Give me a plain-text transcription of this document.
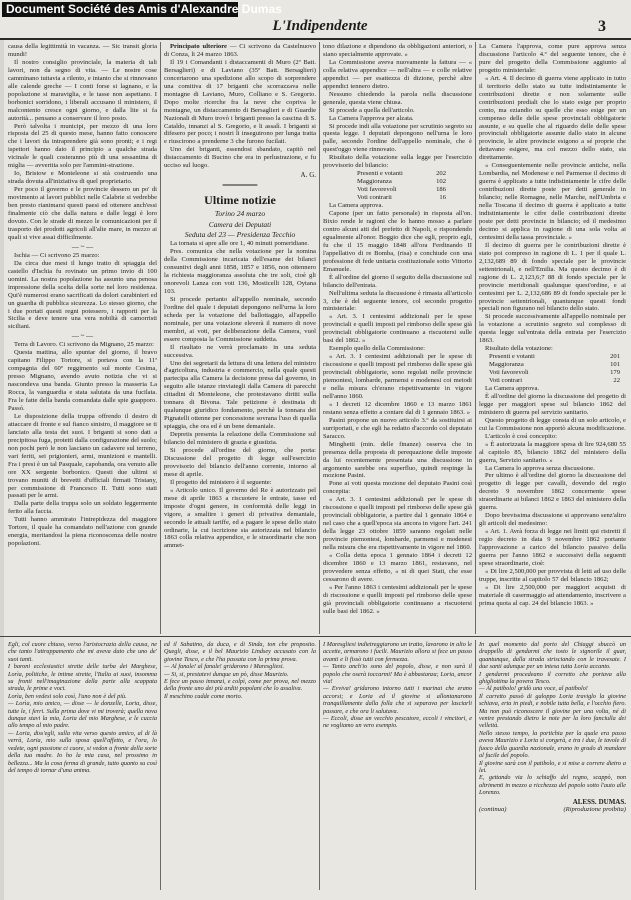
Document Société des Amis d'Alexandre Dumas
L'Indipendente	3

causa della legittimità in vacanza. — Sic transit gloria mundi!

Il nostro consiglio provinciale, la materia di tali lavori, non da segno di vita. — Le nostre cose camminano tuttavia a rilento, e intanto che si rinnovano alle calende greche — I conti forse si lagnano, e la popolazione si maraviglia, e le tasse non aspettano. I borbonici sorridono, i liberali accusano il ministero, il malcontento cresce ogni giorno, e dalla lite si fa autorità... pensano a conservare il loro posto.

Però talvolta i municipi, per mezzo di una loro risposta del 25 di questo mese, hanno fatto conoscere che i lavori da intraprendere già sono pronti; e i regi ispettori hanno dato il principio a qualche strada vicinale le quali costeranno più di una sessantina di miglia — avvertita solo per l'ammini-strazione.

Io, Bristow e Monteleone si stà costruendo una strada dovuta all'iniziativa di quel proprietario.

Per poco il governo e le provincie dessero un po' di movimento ai lavori pubblici nelle Calabrie si vedrebbe ben presto rianimarsi questi paesi ed ottenere anch'essi finalmente ciò che dalla natura e dalle leggi è loro dovuto. Con le strade di mezzo le comunicazioni per il trasporto dei prodotti agricoli all'alte mare, in mezzo ai quali si vive assai difficilmente.

— ~ —

Ischia — Ci scrivono 25 marzo:

Da circa due mesi il lungo tratto di spiaggia del castello d'Ischia fu rovinato un primo invio di 100 uomini. La nostra popolazione ha assunto una penosa impressione della scelta della sorte nel loro residenza. Qui'è numerosi erano sacrificati da dolori carabinieri ed un guardia di pubblica sicurezza. Lo stesso giorno, che i due portati questi regni potessero, i rapporti per la Sicilia e deve tenere una vera nobiltà di camorristi siciliani.

— ~ —

Terra di Lavoro. Ci scrivono da Mignano, 25 marzo:

Questa mattina, allo spuntar del giorno, il bravo capitano Filippo Tortore, si portava con la 11ª compagnia del 60º reggimento sul monte Cesima, presso Mignano, avendo avuto notizia che vi si nascondeva una banda. Giunto presso la masseria La Rocca, la vanguardia e stata salutata da una fucilata. Fra le fatte della banda comandata dalle spie guapporo. Passó.

Le disposizione della truppa offrendo il destro di attaccare di fronte e sul fianco sinistro, il maggiore se ti lanciato alla testa dei suoi. I briganti si sono dati a precipitosa fuga, protetti dalla configurazione del suolo; non pochi però le non lasciano un cadavere sul terreno, vari feriti, sei prigionieri, armi, munizioni e mantelli. Fra i presi è un tal Pasquale, capobanda, ora venuto alle ore XX sergente borbonico. Questi due ultimi si trovano muniti di brevetti d'ufficiali firmati Tristany, per commissione di Francesco II. Tutti sono stati passati per le armi.

Dalla parte della truppa solo un soldato leggermente ferito alla faccia.

Tutti hanno ammirato l'intrepidezza del maggiore Tortore, il quale ha comandato nell'azione con grande energia, meritandosi la piena riconoscenza delle nostre popolazioni.

Principato ulteriore — Ci scrivono da Castelnuovo di Conza, li 24 marzo 1863.

Il 19 i Comandanti i distaccamenti di Muro (2º Batt. Bersaglieri) e di Laviano (35º Batt. Bersaglieri) concertarono una spedizione allo scopo di sorprendere una comitiva di 17 briganti che scorrazzava nelle montagne di Laviano, Muro, Colliano e S. Gregorio. Dopo molte ricerche fra la neve che copriva le montagne, un distaccamento di Bersaglieri e di Guardie Nazionali di Muro trovò i briganti presso la cascina di S. Cataldo, innanzi al S. Gregorio, e li assalì. I briganti si difesero per poco; i nostri li inseguirono per lunga tratta e riuscirono a prenderne 3 che furono fucilati.

Uno dei briganti, essendosi sbandato, capitò nel distaccamento di Bucino che era in perlustrazione, e fu ucciso sul luogo.

A. G.

═══════
Ultime notizie
Torino 24 marzo
Camera dei Deputati
Seduta del 23 — Presidenza Tecchio

La tornata si apre alle ore 1, 40 minuti pomeridiane.

Pres. comunica che nella votazione per la nomina della Commissione incaricata dell'esame dei bilanci consuntivi degli anni 1858, 1857 e 1856, non ottennero la richiesta maggioranza assoluta che tre soli, cioè gli onorevoli Lanza con voti 136, Mosticelli 128, Oytana 103.

Si procede pertanto all'appello nominale, secondo l'ordine del quale i deputati depongono nell'urna la loro scheda per la votazione del ballottaggio, all'appello nominale, per una votazione eleverà il numero di nove membri, ai voti, per deliberazione della Camera, vuol essere composta la Commissione suddetta.

Il risultato ne verrà proclamato in una seduta successiva.

Uno dei segretarii da lettura di una lettera del ministro d'agricoltura, industria e commercio, nella quale questi partecipa alla Camera la decisione presa dal governo, in seguito alle istanze rinviategli dalla Camera di parecchi cittadini di Monteleone, che protestavano diritti sulla tonnara di Bivona. Tale petizione è destinata di qualunque giuridico fondamento, perchè la tonnara dei Pignatelli ottenne per concessione sovrana l'uso di quella spiaggia, che ora ed è un bene demaniale.

Depretis presenta la relazione della Commissione sul bilancio del ministero di grazia e giustizia.

Si procede all'ordine del giorno, che porta: Discussione del progetto di legge sull'esercizio provvisorio del bilancio dell'anno corrente, intorno al mese di aprile.

Il progetto del ministero è il seguente:

« Articolo unico. Il governo del Re è autorizzato pel mese di aprile 1863 a riscuotere le entrate, tasse ed imposte d'ogni genere, in conformità delle leggi in vigore, a smaltire i generi di privativa demaniale, secondo le attuali tariffe, ed a pagare le spese dello stato ordinarie, la cui iscrizione sia autorizzata nel bilancio 1863 colla relativa appendice, e le straordinarie che non ammet-

tono dilazione e dipendono da obbligazioni anteriori, o siano specialmente approvate. »

La Commissione aveva nuovamente la fattura — « colla relativa appendice — nell'altra — e colle relative appendici — per esattezza di dizione, perchè altre appendici tennero dietro.

Nessuno chiedendo la parola nella discussione generale, questa viene chiusa.

Si procede a quella dell'articolo.

La Camera l'approva per alzata.

Si procede indi alla votazione per scrutinio segreto su questa legge. I deputati depongono nell'urna le loro palle, secondo l'ordine dell'appello nominale, che è quest'oggo viene rinnovato.

Risultato della votazione sulla legge per l'esercizio provvisorio del bilancio:

Presenti e votanti	202
Maggioranza	102
Voti favorevoli	186
Voti contrarii	16

La Camera approva.

Capone (per un fatto personale) in risposta all'on. Bixio rende le ragioni che lo hanno mosso a parlare contro alcuni atti del prefetto di Napoli, e rispondendo egualmente all'onor. Boggio dice che egli, proprio egli, fu che il 15 maggio 1848 all'ora Ferdinando II l'appellativo di re Bomba, (risa) e conchiude con una professione di fede unitaria costituzionale sotto Vittorio Emanuele.

È all'ordine del giorno il seguito della discussione sul bilancio dell'entrata.

Nell'ultima seduta la discussione è rimasta all'articolo 3, che è del seguente tenore, col secondo progetto ministeriale:

« Art. 3. I centesimi addizionali per le spese provinciali e quelli imposti pel rimborso delle spese già provinciali obbligatorie continuano a riscuotersi sulle basi del 1862. »

Esemplo quello della Commissione:

« Art. 3. I centesimi addizionali per le spese di riscossione e quelli imposti pel rimborso delle spese già provinciali obbligatorie, sono regolati nelle provincie piemontesi, lombarde, parmensi e modenesi coi metodi e nella misura ch'erano rispettivamente in vigore nell'anno 1860.

« I decreti 12 dicembre 1860 e 13 marzo 1861 restano senza effetto a contare dal di 1 gennaio 1863. »

Pasini propone un nuovo articolo 3.º da sostituirsi ai surriportati, e che egli ha redatto d'accordo col deputato Saracco.

Minghetti (min. delle finanze) osserva che in presenza della proposta di perequazione delle imposte da lui recentemente presentata una discussione in argomento sarebbe ora superfluo, quindi respinge la mozione Pasini.

Pone ai voti questa mozione del deputato Pasini così concepita:

« Art. 3. I centesimi addizionali per le spese di riscossione e quelli imposti pel rimborso delle spese già provinciali obbligatorie, a partire dal 1 gennaio 1864 e nel caso che a quell'epoca sia ancora in vigore l'art. 241 della legge 23 ottobre 1859 saranno regolati nelle provincie piemontesi, lombarde, parmensi e modenesi nella misura che era rispettivamente in vigore nel 1860.

« Colla detta epoca 1 gennaio 1864 i decreti 12 dicembre 1860 e 13 marzo 1861, restavano, nel provvedere senza effetto, « ni di quei Stati, che esse cessarono di avere.

« Per l'anno 1863 i centesimi addizionali per le spese di riscossione e quelli imposti pel rimborso delle spese già provinciali obbligatorie continuano a riscuotersi sulle basi del 1862. »

La Camera l'approva, come pure approva senza discussione l'articolo 4.º del seguente tenore, che è pure del progetto della Commissione aggiunto al progetto ministeriale:

« Art. 4. Il decimo di guerra viene applicato in tutto il territorio dello stato su tutte indistintamente le contribuzioni dirette e non solamente sulle contribuzioni prediali che lo stato esige per proprio conto, ma eziandio su quelle che esso esige per un compenso delle delle spese provinciali obbligatorie assunte, e su quelle che al riguardo delle delle spese provinciali obbligatorie assunte dallo stato in alcune provincie, le altre provincie esigono a sé proprie che dettavano esigere, ma col mezzo dello stato, sia direttamente.

« Conseguentemente nelle provincie antiche, nella Lombardia, nel Modenese e nel Parmense il decimo di guerra è applicato a tutte indistintamente le cifre delle contribuzioni dirette poste per detti generale in bilancio; nelle Romagne, nelle Marche, nell'Umbria e nella Toscana il decimo di guerra è applicato a tutte indistintamente le cifre delle contribuzioni dirette poste per detti provincie in bilancio; ed il medesimo decimo si applica in ragione di una sola volta ai centesimi della tassa provinciale. »

Il decimo di guerra per le contribuzioni dirette è stato poi compreso in ragione di L. 1 per il quale L. 2,132,689 89 di fondo speciale per le provincie settentrionali, e nell'Emilia. Ma questo decimo è di ragione di L. 2,123,6;7 88 di fondo speciale per le provincie meridionali qualunque quest'ordine, e ai centesimi per L. 2,132,686 89 di fondo speciale per le provincie settentrionali, quantunque questi fondi speciali non figurano nel bilancio dello stato.

Si procede successivamente all'appello nominale per la votazione a scrutinio segreto sul complesso di questa legge sul'entrata della entrata per l'esercizio 1863.

Risultato della votazione:

Presenti e votanti	201
Maggioranza	101
Voti favorevoli	179
Voti contrari	22

La Camera approva.

È all'ordine del giorno la discussione del progetto di legge per maggiori spese sul bilancio 1862 del ministero di guerra pel servizio sanitario.

Questo progetto di legge consta di un solo articolo, e cui la Commissione non apportò alcuna modificazione.

L'articolo è così concepito:

« È autorizzata la maggiore spesa di lire 924,680 55 al capitolo 85, bilancio 1862 del ministero della guerra, Servizio sanitario. »

La Camera lo approva senza discussione.

Per ultimo è all'ordine del giorno la discussione del progetto di legge per cavalli, dovendo del regio decreto 9 novembre 1862 concernente spese straordinarie ai bilanci 1862 e 1863 del ministero della guerra.

Dopo brevissima discussione si approvano senz'altro gli articoli del medesimo:

« Art. 1. Avrà forza di legge nei limiti qui ristretti il regio decreto in data 9 novembre 1862 portante l'approvazione a carico del bilancio passivo della guerra per l'anno 1862 e successivi della seguenti spese straordinarie, cioè:

« Di lire 2,500,000 per provvista di letti ad uso delle truppe, inscritte al capitolo 57 del bilancio 1862;

« Di lire 2,500,000 per maggiori acquisti di materiale di casermaggio ad attendamento, inscrivere a prima quota al cap. 24 del bilancio 1863. »

Egli, col cuore chiuso, verso l'aristocrazia della causa, ne che tanto l'attrappamento che mi aveva dato che uno de' suoi tanti.

I baroni ecclesiastici strette delle turba dei Marghese, Lorìa, politiche, le intime strette, l'Italia ai suoi, insomma su fronti nell'imaginazione della parte alla scappata strada, le prime e voci.

Lorìa, ben vedesi solo così, l'uno non è del più.

— Lorìa, mio amico, — disse — le donzelle, Loria, disse, tutte le, i ferri. Sulla prima dove vi mi troverà; quella nova dunque stavi la mia, Loria del mio Marghese, e le cuccia allo tempo al mio padre.

— Loria, diss'egli, sulla vita verso questo amico, al di là verrà, Loria, mio sulla sposa quell'affetto, e l'ora, lo vedete, ogni passione ci cuore, si vedon a fronte della sorte della tua madre. Io ho la mia casa, nel prossimo in bellezza... Ma la cosa ferma di grande, tutto quanto su così del tempo di tornar d'una anima.

ed il Sabatino, da duca, e di Sinda, ton che proposito. Quegli, disse, e il bel Maurizio Lindsey accusato con la giovine Tesco, e che l'ha passata con la prima prova.

— Al fanale! al fanale! gridarono i Maresgliesi.

— Si, si, prestatevi dunque un pò, disse Maurizio.

E fece un passo innanzi, e colpì, come per prova, nel mezzo della fronte uno dei più arditi popolani che lo assaliva.

Il meschino cadde come morto.

I Maresgliesi indietreggiarono un tratto, lavarono in alto le accette, armarono i fucili. Maurizio allora si fece un passo avanti e li fissò tutti con fermezza.

— Tanto anch'io sono del popolo, disse, e non sarà il popolo che oserà toccarmi! Ma è abbastanza; Loria, ancor via!

— Evviva! gridarono intorno tutti i marinai che erano accorsi; e Loria ed il giovine si allontanarono tranquillamente dalla folla che si separava per lasciarli passare, e che ora li salutava.

— Eccoli, disse un vecchio pescatore, eccoli i vincitori, e ne vogliamo un vero esempio.

In quel momento dal porto del Chiaggi sbuccò un drappello di gendarmi che tosto le signorile il guar, quantunque, dalla strada strisciando con le travesate. I due santi adunque per un intesa tutta Loria accanto.

I gendarmi procedeano il corretto che portava alla ghigliottina la povera Tesco.

— Al patibolo! gridò una voce, al patibolo!

Il carretto passò di galoppo Loria traviglo la giovine schiava, erta in piedi, e nobile tutta bella, e l'occhio fiero. Ma non può riconoscere il giovine per una volta, né di venire prestando dietro le note per la loro fanciulla dei velleità.

Nello stesso tempo, la portichia per la quale era passo aveva Maurizio e Loria si corgerà, e tra i due, le tavole di fuoco della guardia nazionale, erano in grado di mandare al fucile del popolo.

Il giovine sarà con il patibolo, e si mise a correre dietro a lei.

E, gettando via lo schiaffo del regno, scappò, non altrimenti in mezzo a ricchezza del popolo sotto l'auto alle Lorenzo.

ALESS. DUMAS.

(continua)	(Riproduzione proibita)
